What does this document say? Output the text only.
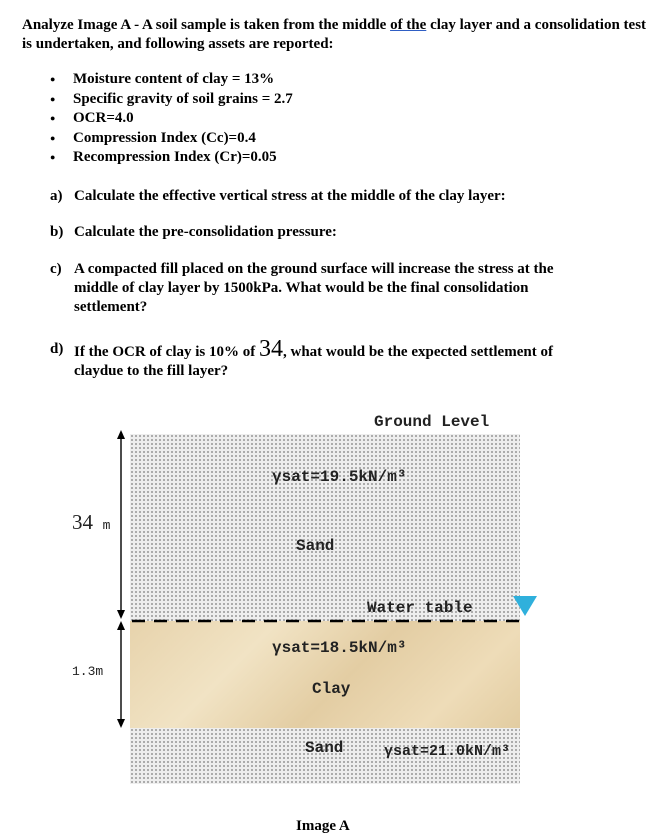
Analyze Image A - A soil sample is taken from the middle of the clay layer and a consolidation test is undertaken, and following assets are reported:
● Moisture content of clay = 13%
● Specific gravity of soil grains = 2.7
● OCR=4.0
● Compression Index (Cc)=0.4
● Recompression Index (Cr)=0.05
a) Calculate the effective vertical stress at the middle of the clay layer:
b) Calculate the pre-consolidation pressure:
c) A compacted fill placed on the ground surface will increase the stress at the middle of clay layer by 1500kPa. What would be the final consolidation settlement?
d) If the OCR of clay is 10% of 34, what would be the expected settlement of claydue to the fill layer?
Ground Level
34 m
1.3m
γsat=19.5kN/m³
Sand
Water table
γsat=18.5kN/m³
Clay
Sand	γsat=21.0kN/m³
Image A
